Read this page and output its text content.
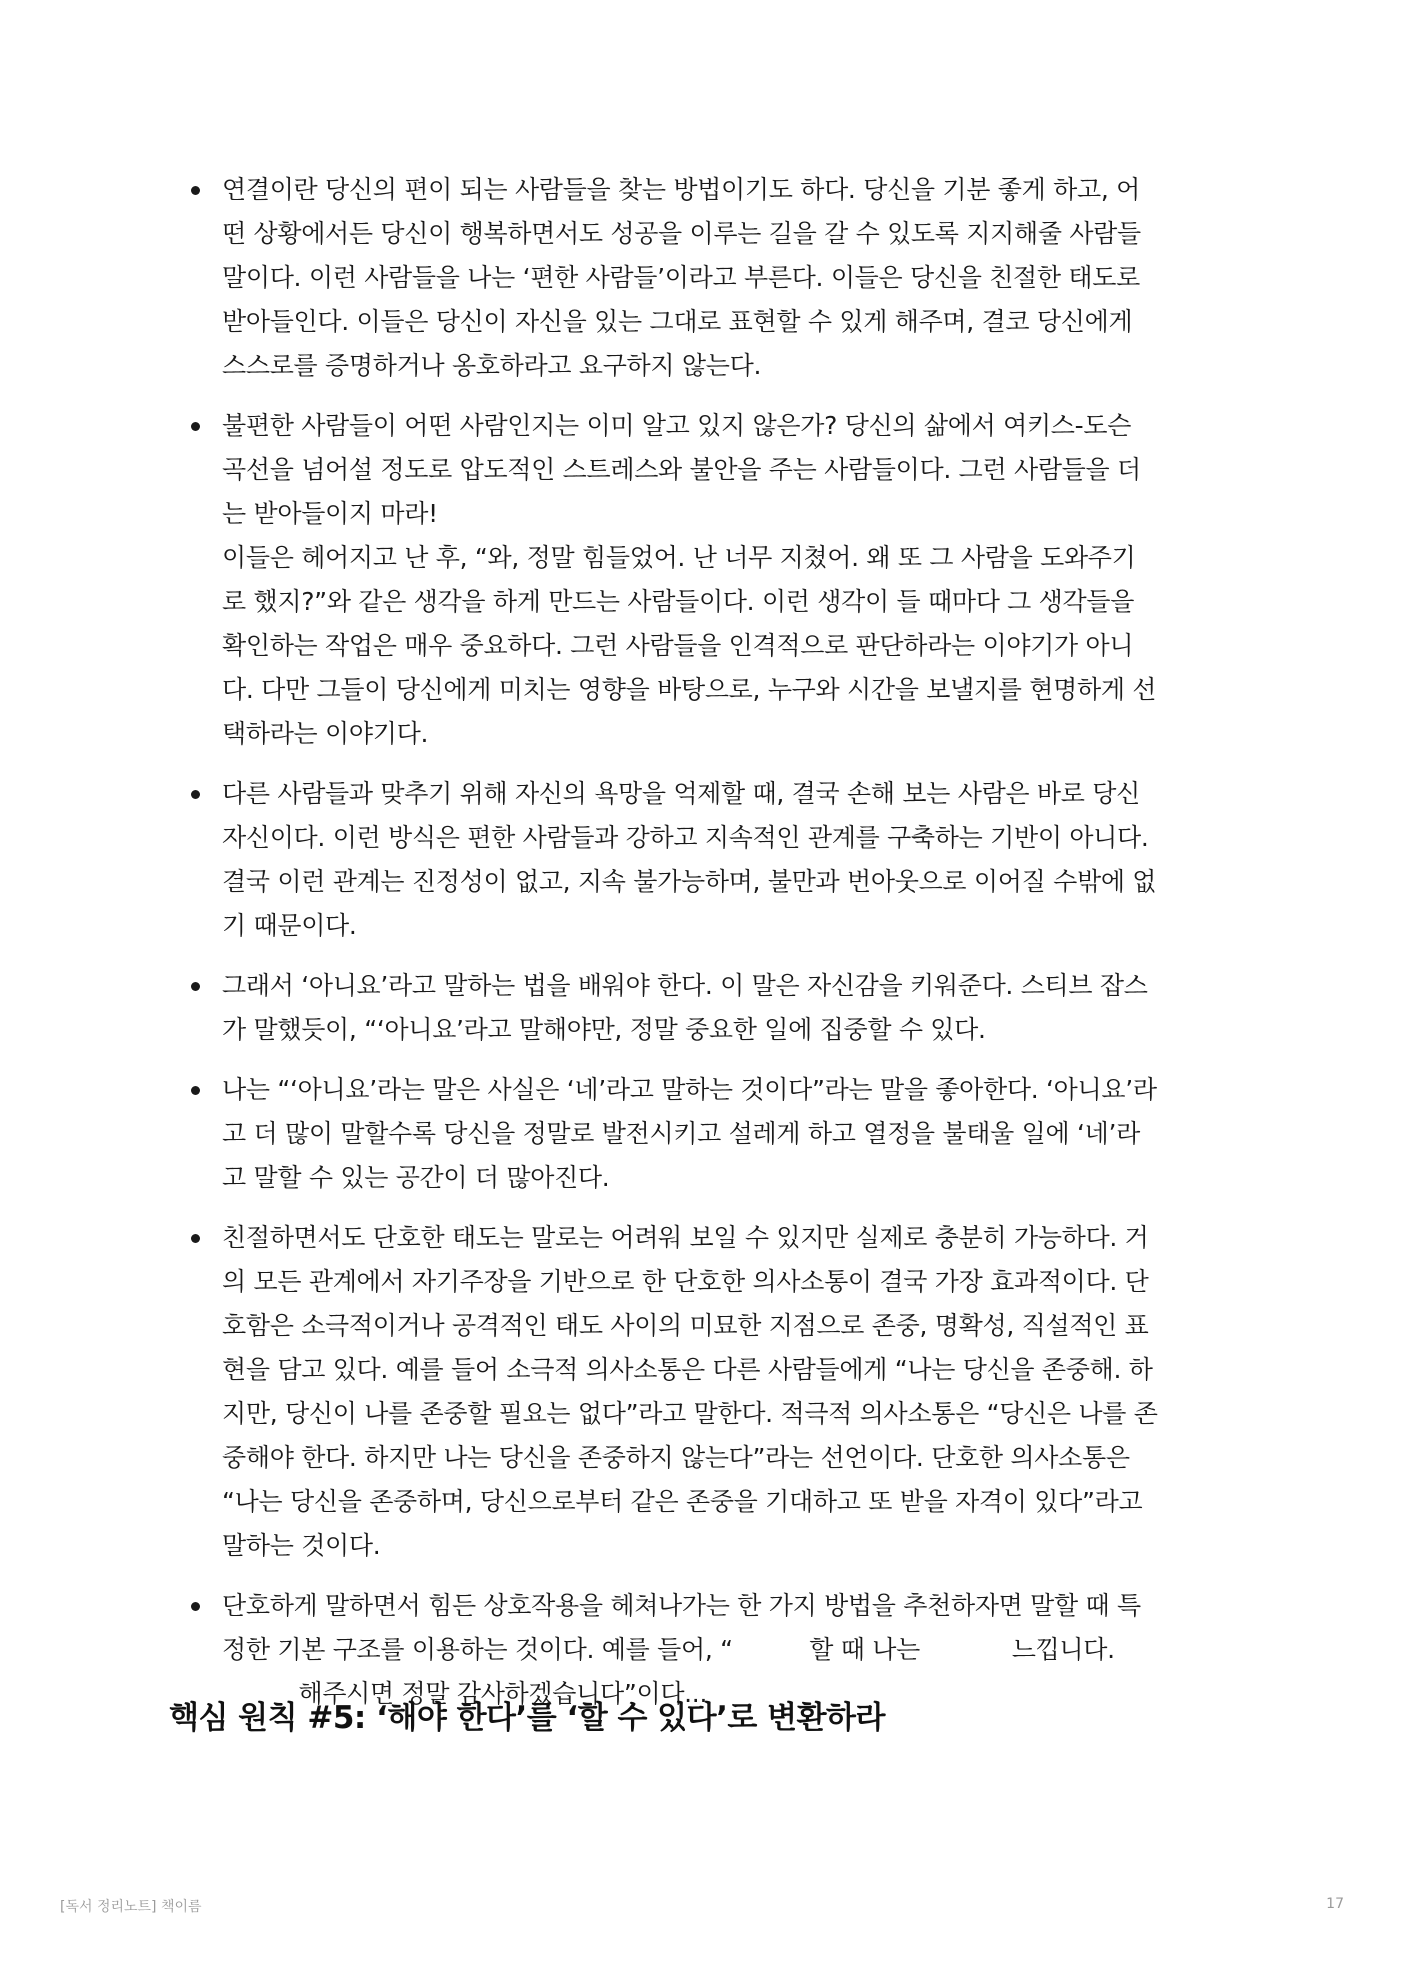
연결이란 당신의 편이 되는 사람들을 찾는 방법이기도 하다. 당신을 기분 좋게 하고, 어
떤 상황에서든 당신이 행복하면서도 성공을 이루는 길을 갈 수 있도록 지지해줄 사람들
말이다. 이런 사람들을 나는 ‘편한 사람들’이라고 부른다. 이들은 당신을 친절한 태도로
받아들인다. 이들은 당신이 자신을 있는 그대로 표현할 수 있게 해주며, 결코 당신에게
스스로를 증명하거나 옹호하라고 요구하지 않는다.
불편한 사람들이 어떤 사람인지는 이미 알고 있지 않은가? 당신의 삶에서 여키스-도슨
곡선을 넘어설 정도로 압도적인 스트레스와 불안을 주는 사람들이다. 그런 사람들을 더
는 받아들이지 마라!
이들은 헤어지고 난 후, “와, 정말 힘들었어. 난 너무 지쳤어. 왜 또 그 사람을 도와주기
로 했지?”와 같은 생각을 하게 만드는 사람들이다. 이런 생각이 들 때마다 그 생각들을
확인하는 작업은 매우 중요하다. 그런 사람들을 인격적으로 판단하라는 이야기가 아니
다. 다만 그들이 당신에게 미치는 영향을 바탕으로, 누구와 시간을 보낼지를 현명하게 선
택하라는 이야기다.
다른 사람들과 맞추기 위해 자신의 욕망을 억제할 때, 결국 손해 보는 사람은 바로 당신
자신이다. 이런 방식은 편한 사람들과 강하고 지속적인 관계를 구축하는 기반이 아니다.
결국 이런 관계는 진정성이 없고, 지속 불가능하며, 불만과 번아웃으로 이어질 수밖에 없
기 때문이다.
그래서 ‘아니요’라고 말하는 법을 배워야 한다. 이 말은 자신감을 키워준다. 스티브 잡스
가 말했듯이, “‘아니요’라고 말해야만, 정말 중요한 일에 집중할 수 있다.
나는 “‘아니요’라는 말은 사실은 ‘네’라고 말하는 것이다”라는 말을 좋아한다. ‘아니요’라
고 더 많이 말할수록 당신을 정말로 발전시키고 설레게 하고 열정을 불태울 일에 ‘네’라
고 말할 수 있는 공간이 더 많아진다.
친절하면서도 단호한 태도는 말로는 어려워 보일 수 있지만 실제로 충분히 가능하다. 거
의 모든 관계에서 자기주장을 기반으로 한 단호한 의사소통이 결국 가장 효과적이다. 단
호함은 소극적이거나 공격적인 태도 사이의 미묘한 지점으로 존중, 명확성, 직설적인 표
현을 담고 있다. 예를 들어 소극적 의사소통은 다른 사람들에게 “나는 당신을 존중해. 하
지만, 당신이 나를 존중할 필요는 없다”라고 말한다. 적극적 의사소통은 “당신은 나를 존
중해야 한다. 하지만 나는 당신을 존중하지 않는다”라는 선언이다. 단호한 의사소통은
“나는 당신을 존중하며, 당신으로부터 같은 존중을 기대하고 또 받을 자격이 있다”라고
말하는 것이다.
단호하게 말하면서 힘든 상호작용을 헤쳐나가는 한 가지 방법을 추천하자면 말할 때 특
정한 기본 구조를 이용하는 것이다. 예를 들어, “          할 때 나는            느낍니다.
해주시면 정말 감사하겠습니다”이다...
핵심 원칙 #5: ‘해야 한다’를 ‘할 수 있다’로 변환하라
[독서 정리노트] 책이름	17
